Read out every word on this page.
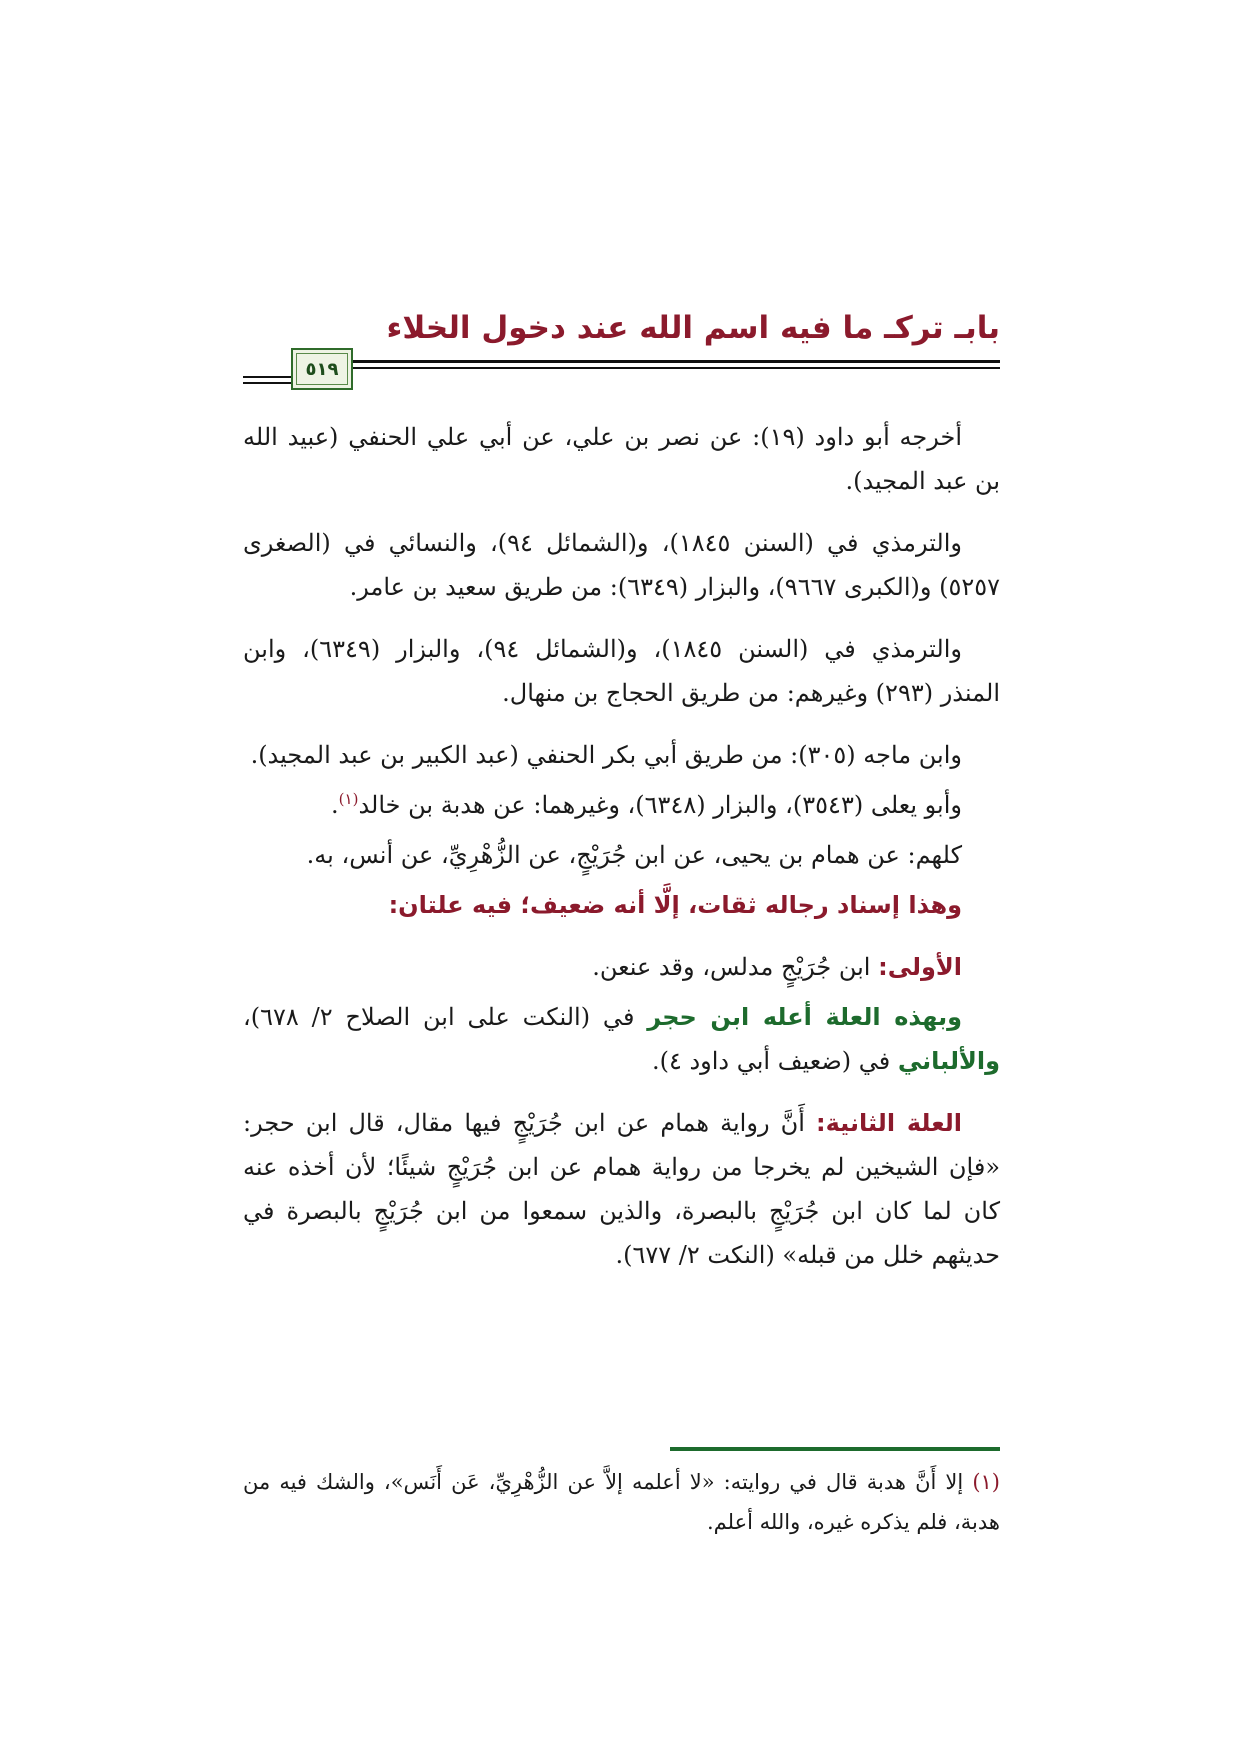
بابـ تركـ ما فيه اسم الله عند دخول الخلاء
٥١٩

أخرجه أبو داود (١٩): عن نصر بن علي، عن أبي علي الحنفي (عبيد الله بن عبد المجيد).

والترمذي في (السنن ١٨٤٥)، و(الشمائل ٩٤)، والنسائي في (الصغرى ٥٢٥٧) و(الكبرى ٩٦٦٧)، والبزار (٦٣٤٩): من طريق سعيد بن عامر.

والترمذي في (السنن ١٨٤٥)، و(الشمائل ٩٤)، والبزار (٦٣٤٩)، وابن المنذر (٢٩٣) وغيرهم: من طريق الحجاج بن منهال.

وابن ماجه (٣٠٥): من طريق أبي بكر الحنفي (عبد الكبير بن عبد المجيد).

وأبو يعلى (٣٥٤٣)، والبزار (٦٣٤٨)، وغيرهما: عن هدبة بن خالد$^{(١)}$.

كلهم: عن همام بن يحيى، عن ابن جُرَيْجٍ، عن الزُّهْرِيِّ، عن أنس، به.

وهذا إسناد رجاله ثقات، إلَّا أنه ضعيف؛ فيه علتان:

الأولى: ابن جُرَيْجٍ مدلس، وقد عنعن.

وبهذه العلة أعله ابن حجر في (النكت على ابن الصلاح ٢/ ٦٧٨)، والألباني في (ضعيف أبي داود ٤).

العلة الثانية: أَنَّ رواية همام عن ابن جُرَيْجٍ فيها مقال، قال ابن حجر: «فإن الشيخين لم يخرجا من رواية همام عن ابن جُرَيْجٍ شيئًا؛ لأن أخذه عنه كان لما كان ابن جُرَيْجٍ بالبصرة، والذين سمعوا من ابن جُرَيْجٍ بالبصرة في حديثهم خلل من قبله» (النكت ٢/ ٦٧٧).

(١) إلا أَنَّ هدبة قال في روايته: «لا أعلمه إلاَّ عن الزُّهْرِيِّ، عَن أَنَس»، والشك فيه من هدبة، فلم يذكره غيره، والله أعلم.
